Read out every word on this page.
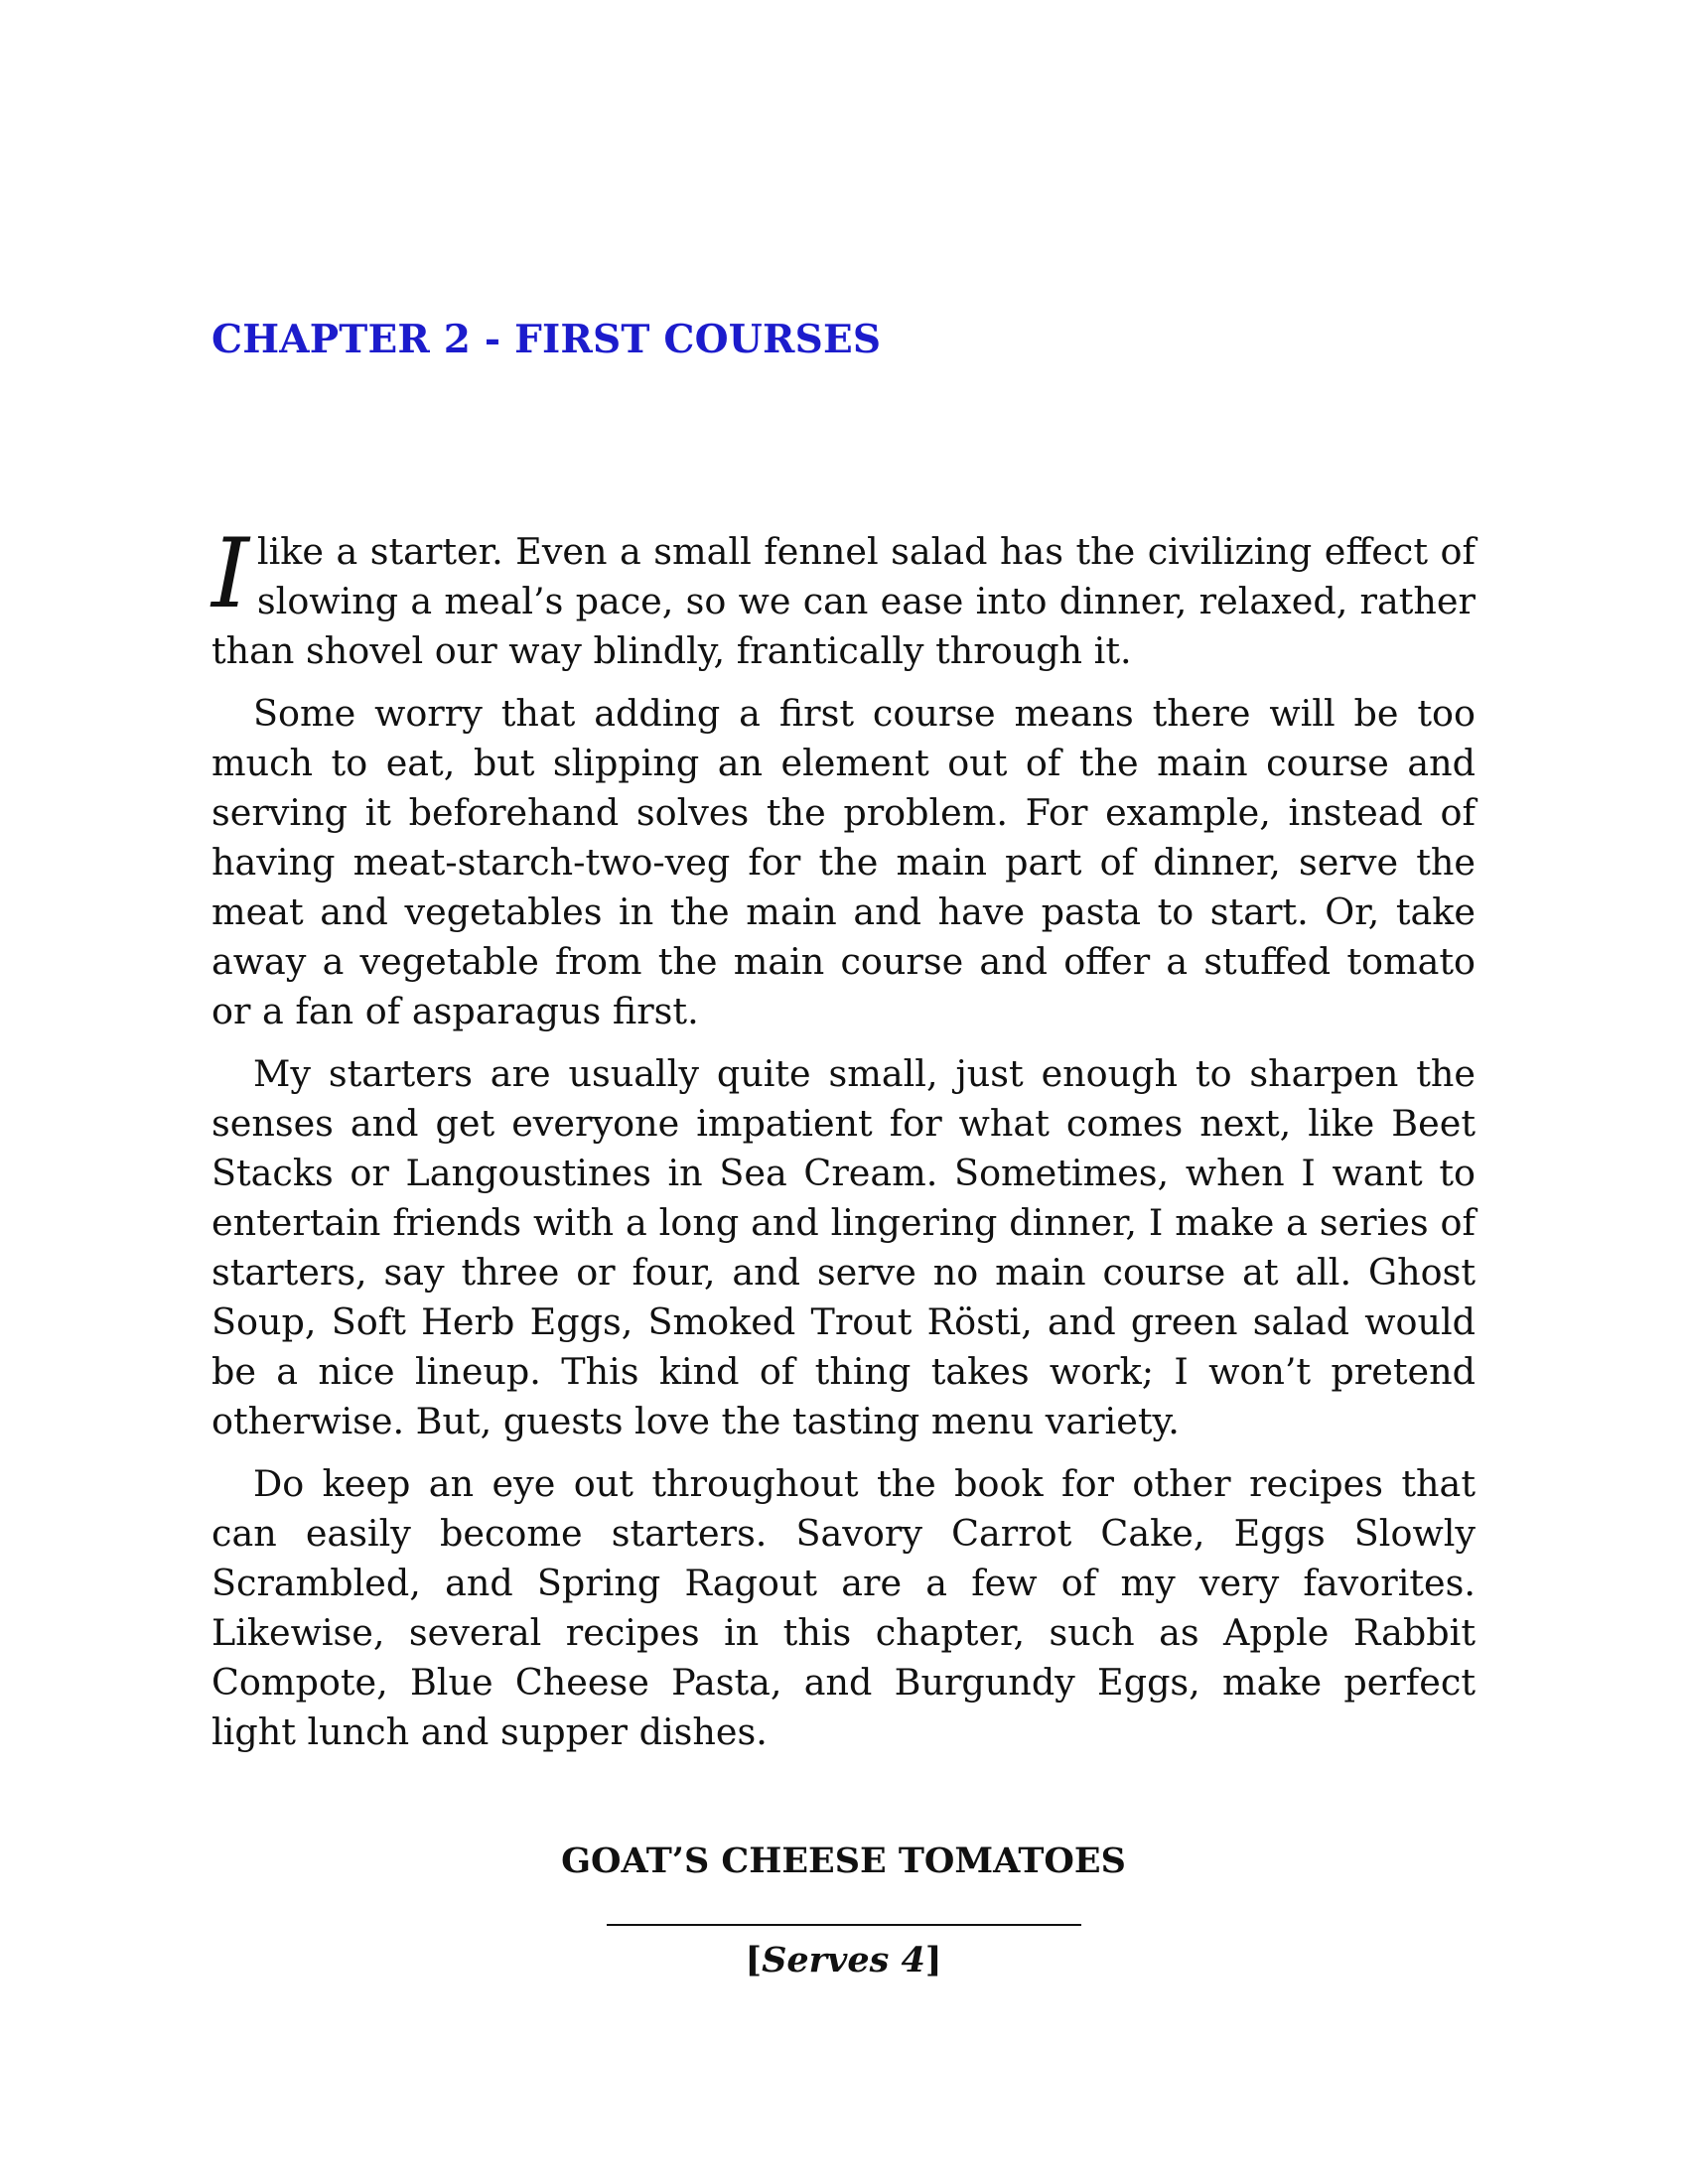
CHAPTER 2 - FIRST COURSES

I like a starter. Even a small fennel salad has the civilizing effect of slowing a meal’s pace, so we can ease into dinner, relaxed, rather than shovel our way blindly, frantically through it.

Some worry that adding a first course means there will be too much to eat, but slipping an element out of the main course and serving it beforehand solves the problem. For example, instead of having meat-starch-two-veg for the main part of dinner, serve the meat and vegetables in the main and have pasta to start. Or, take away a vegetable from the main course and offer a stuffed tomato or a fan of asparagus first.

My starters are usually quite small, just enough to sharpen the senses and get everyone impatient for what comes next, like Beet Stacks or Langoustines in Sea Cream. Sometimes, when I want to entertain friends with a long and lingering dinner, I make a series of starters, say three or four, and serve no main course at all. Ghost Soup, Soft Herb Eggs, Smoked Trout Rösti, and green salad would be a nice lineup. This kind of thing takes work; I won’t pretend otherwise. But, guests love the tasting menu variety.

Do keep an eye out throughout the book for other recipes that can easily become starters. Savory Carrot Cake, Eggs Slowly Scrambled, and Spring Ragout are a few of my very favorites. Likewise, several recipes in this chapter, such as Apple Rabbit Compote, Blue Cheese Pasta, and Burgundy Eggs, make perfect light lunch and supper dishes.

GOAT’S CHEESE TOMATOES

[Serves 4]
